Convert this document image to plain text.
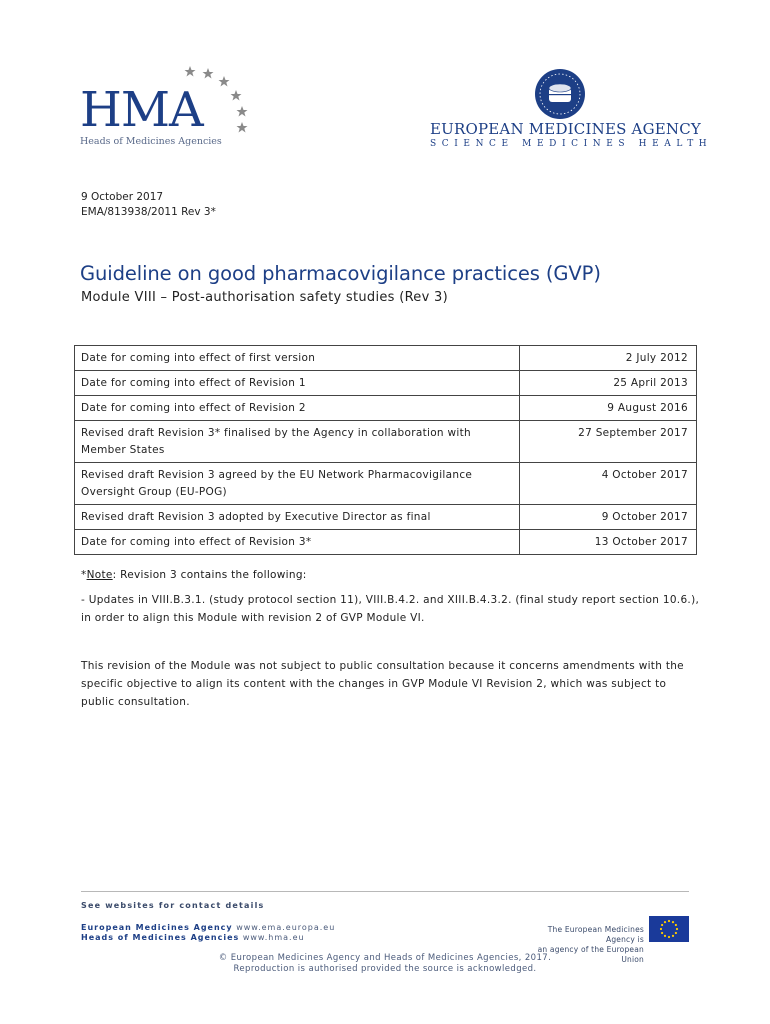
HMA
Heads of Medicines Agencies
EUROPEAN MEDICINES AGENCY
SCIENCE MEDICINES HEALTH
9 October 2017
EMA/813938/2011 Rev 3*
Guideline on good pharmacovigilance practices (GVP)
Module VIII – Post-authorisation safety studies (Rev 3)
Date for coming into effect of first version	2 July 2012
Date for coming into effect of Revision 1	25 April 2013
Date for coming into effect of Revision 2	9 August 2016
Revised draft Revision 3* finalised by the Agency in collaboration with Member States	27 September 2017
Revised draft Revision 3 agreed by the EU Network Pharmacovigilance Oversight Group (EU-POG)	4 October 2017
Revised draft Revision 3 adopted by Executive Director as final	9 October 2017
Date for coming into effect of Revision 3*	13 October 2017
*Note: Revision 3 contains the following:

- Updates in VIII.B.3.1. (study protocol section 11), VIII.B.4.2. and XIII.B.4.3.2. (final study report section 10.6.), in order to align this Module with revision 2 of GVP Module VI.

This revision of the Module was not subject to public consultation because it concerns amendments with the specific objective to align its content with the changes in GVP Module VI Revision 2, which was subject to public consultation.

See websites for contact details
European Medicines Agency www.ema.europa.eu
Heads of Medicines Agencies www.hma.eu
The European Medicines Agency is
an agency of the European Union
© European Medicines Agency and Heads of Medicines Agencies, 2017.
Reproduction is authorised provided the source is acknowledged.
